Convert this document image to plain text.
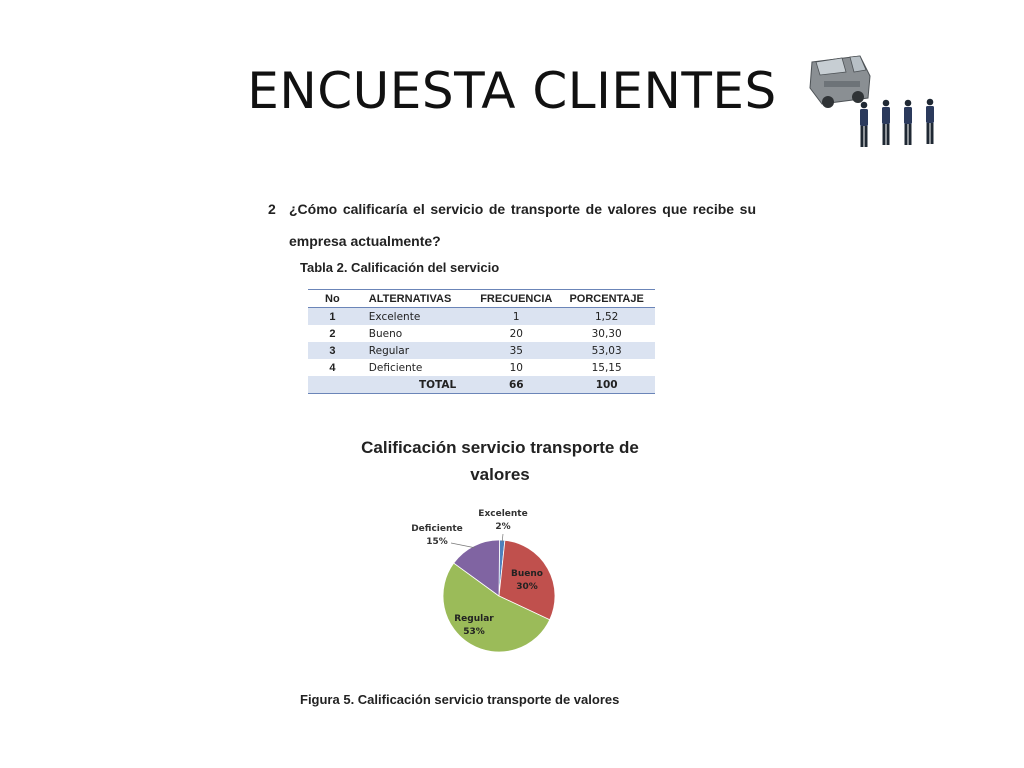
ENCUESTA CLIENTES
2 ¿Cómo calificaría el servicio de transporte de valores que recibe su empresa actualmente?
Tabla 2. Calificación del servicio
No	ALTERNATIVAS	FRECUENCIA	PORCENTAJE
1	Excelente	1	1,52
2	Bueno	20	30,30
3	Regular	35	53,03
4	Deficiente	10	15,15
	TOTAL	66	100
Calificación servicio transporte de valores
Excelente 2%
Bueno 30%
Regular 53%
Deficiente 15%
Figura 5. Calificación servicio transporte de valores
